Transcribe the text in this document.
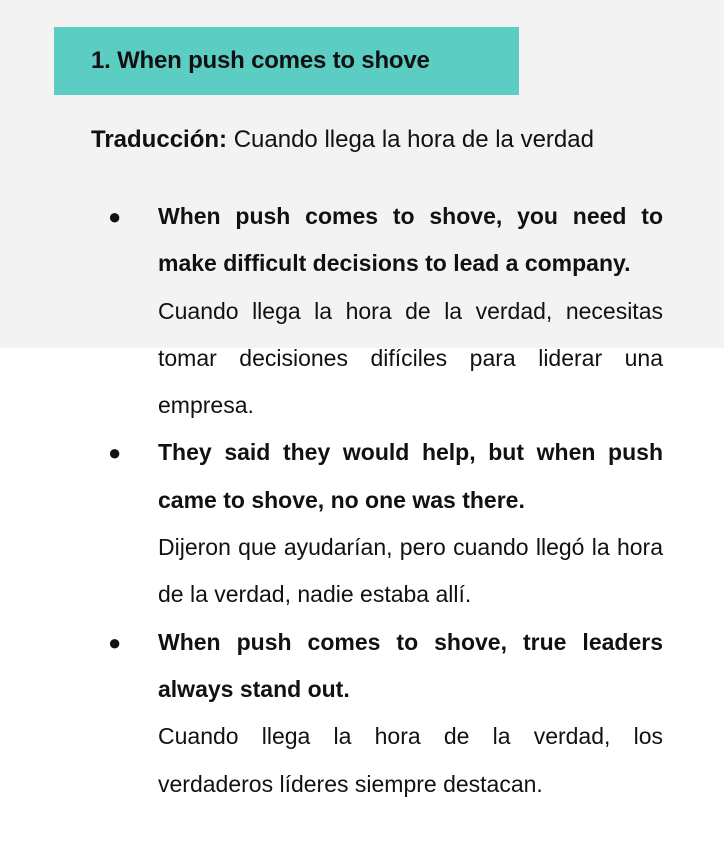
1. When push comes to shove
Traducción: Cuando llega la hora de la verdad
● When push comes to shove, you need to make difficult decisions to lead a company.
Cuando llega la hora de la verdad, necesitas tomar decisiones difíciles para liderar una empresa.
● They said they would help, but when push came to shove, no one was there.
Dijeron que ayudarían, pero cuando llegó la hora de la verdad, nadie estaba allí.
● When push comes to shove, true leaders always stand out.
Cuando llega la hora de la verdad, los verdaderos líderes siempre destacan.
